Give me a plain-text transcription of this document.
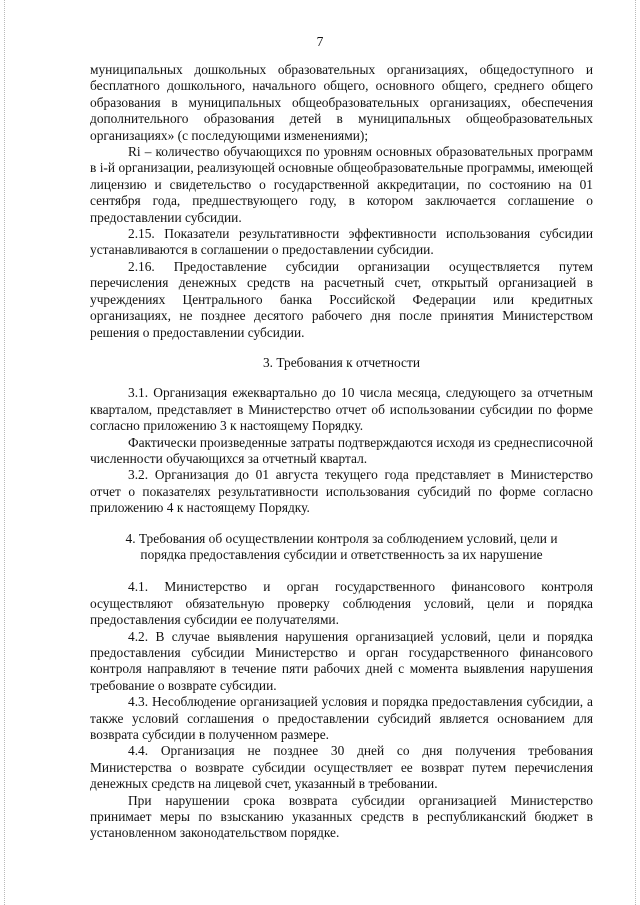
7

муниципальных дошкольных образовательных организациях, общедоступного и бесплатного дошкольного, начального общего, основного общего, среднего общего образования в муниципальных общеобразовательных организациях, обеспечения дополнительного образования детей в муниципальных общеобразовательных организациях» (с последующими изменениями);

Ri – количество обучающихся по уровням основных образовательных программ в i-й организации, реализующей основные общеобразовательные программы, имеющей лицензию и свидетельство о государственной аккредитации, по состоянию на 01 сентября года, предшествующего году, в котором заключается соглашение о предоставлении субсидии.

2.15. Показатели результативности эффективности использования субсидии устанавливаются в соглашении о предоставлении субсидии.

2.16. Предоставление субсидии организации осуществляется путем перечисления денежных средств на расчетный счет, открытый организацией в учреждениях Центрального банка Российской Федерации или кредитных организациях, не позднее десятого рабочего дня после принятия Министерством решения о предоставлении субсидии.

3. Требования к отчетности

3.1. Организация ежеквартально до 10 числа месяца, следующего за отчетным кварталом, представляет в Министерство отчет об использовании субсидии по форме согласно приложению 3 к настоящему Порядку.

Фактически произведенные затраты подтверждаются исходя из среднесписочной численности обучающихся за отчетный квартал.

3.2. Организация до 01 августа текущего года представляет в Министерство отчет о показателях результативности использования субсидий по форме согласно приложению 4 к настоящему Порядку.

4. Требования об осуществлении контроля за соблюдением условий, цели и порядка предоставления субсидии и ответственность за их нарушение

4.1. Министерство и орган государственного финансового контроля осуществляют обязательную проверку соблюдения условий, цели и порядка предоставления субсидии ее получателями.

4.2. В случае выявления нарушения организацией условий, цели и порядка предоставления субсидии Министерство и орган государственного финансового контроля направляют в течение пяти рабочих дней с момента выявления нарушения требование о возврате субсидии.

4.3. Несоблюдение организацией условия и порядка предоставления субсидии, а также условий соглашения о предоставлении субсидий является основанием для возврата субсидии в полученном размере.

4.4. Организация не позднее 30 дней со дня получения требования Министерства о возврате субсидии осуществляет ее возврат путем перечисления денежных средств на лицевой счет, указанный в требовании.

При нарушении срока возврата субсидии организацией Министерство принимает меры по взысканию указанных средств в республиканский бюджет в установленном законодательством порядке.
